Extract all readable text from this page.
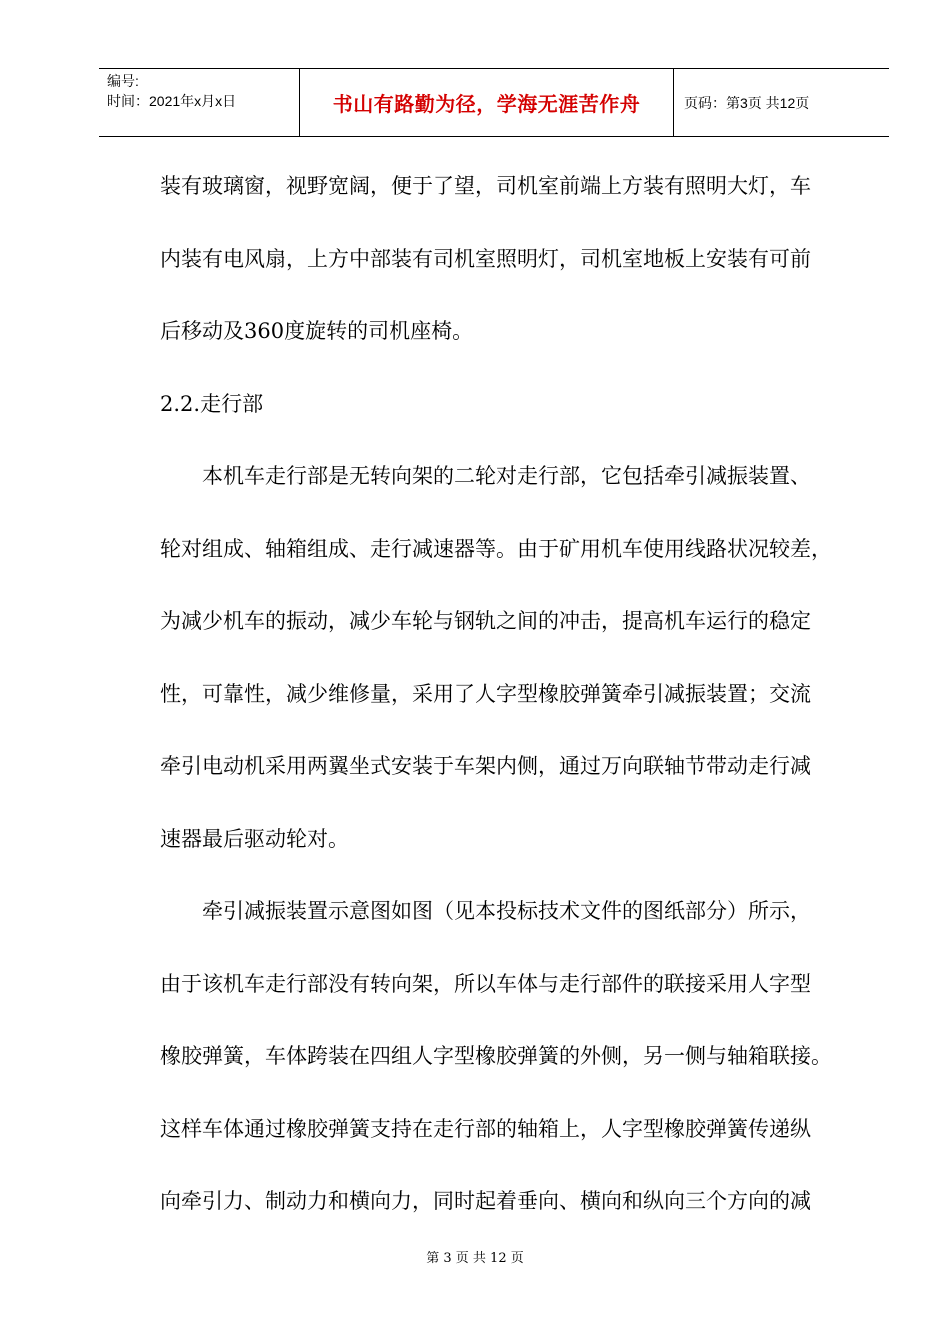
编号:
时间：2021年x月x日	书山有路勤为径，学海无涯苦作舟	页码：第3页 共12页
装有玻璃窗，视野宽阔，便于了望，司机室前端上方装有照明大灯，车
内装有电风扇，上方中部装有司机室照明灯，司机室地板上安装有可前
后移动及360度旋转的司机座椅。
2.2.走行部
本机车走行部是无转向架的二轮对走行部，它包括牵引减振装置、
轮对组成、轴箱组成、走行减速器等。由于矿用机车使用线路状况较差，
为减少机车的振动，减少车轮与钢轨之间的冲击，提高机车运行的稳定
性，可靠性，减少维修量，采用了人字型橡胶弹簧牵引减振装置；交流
牵引电动机采用两翼坐式安装于车架内侧，通过万向联轴节带动走行减
速器最后驱动轮对。
牵引减振装置示意图如图（见本投标技术文件的图纸部分）所示，
由于该机车走行部没有转向架，所以车体与走行部件的联接采用人字型
橡胶弹簧，车体跨装在四组人字型橡胶弹簧的外侧，另一侧与轴箱联接。
这样车体通过橡胶弹簧支持在走行部的轴箱上，人字型橡胶弹簧传递纵
向牵引力、制动力和横向力，同时起着垂向、横向和纵向三个方向的减
第 3 页 共 12 页
